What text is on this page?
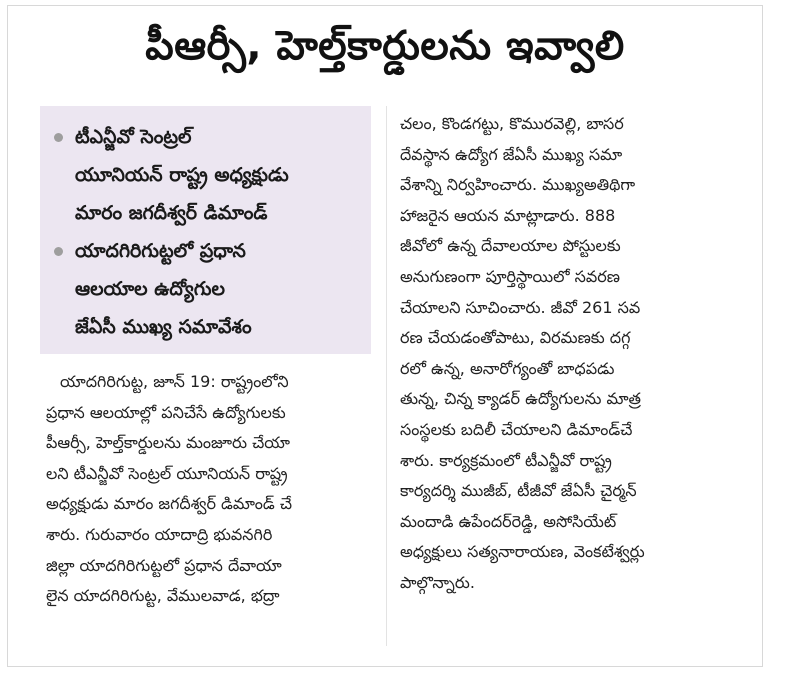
పీఆర్సీ, హెల్త్‌కార్డులను ఇవ్వాలి
టీఎన్జీవో సెంట్రల్
యూనియన్ రాష్ట్ర అధ్యక్షుడు
మారం జగదీశ్వర్ డిమాండ్
యాదగిరిగుట్టలో ప్రధాన
ఆలయాల ఉద్యోగుల
జేఏసీ ముఖ్య సమావేశం
యాదగిరిగుట్ట, జూన్ 19: రాష్ట్రంలోని
ప్రధాన ఆలయాల్లో పనిచేసే ఉద్యోగులకు
పీఆర్సీ, హెల్త్‌కార్డులను మంజూరు చేయా
లని టీఎన్జీవో సెంట్రల్ యూనియన్ రాష్ట్ర
అధ్యక్షుడు మారం జగదీశ్వర్ డిమాండ్ చే
శారు. గురువారం యాదాద్రి భువనగిరి
జిల్లా యాదగిరిగుట్టలో ప్రధాన దేవాయా
లైన యాదగిరిగుట్ట, వేములవాడ, భద్రా
చలం, కొండగట్టు, కొమురవెల్లి, బాసర
దేవస్థాన ఉద్యోగ జేఏసీ ముఖ్య సమా
వేశాన్ని నిర్వహించారు. ముఖ్యఅతిథిగా
హాజరైన ఆయన మాట్లాడారు. 888
జీవోలో ఉన్న దేవాలయాల పోస్టులకు
అనుగుణంగా పూర్తిస్థాయిలో సవరణ
చేయాలని సూచించారు. జీవో 261 సవ
రణ చేయడంతోపాటు, విరమణకు దగ్గ
రలో ఉన్న, అనారోగ్యంతో బాధపడు
తున్న, చిన్న క్యాడర్ ఉద్యోగులను మాత్ర
సంస్థలకు బదిలీ చేయాలని డిమాండ్‌చే
శారు. కార్యక్రమంలో టీఎన్జీవో రాష్ట్ర
కార్యదర్శి ముజీబ్, టీజీవో జేఏసీ చైర్మన్
మందాడి ఉపేందర్‌రెడ్డి, అసోసియేట్
అధ్యక్షులు సత్యనారాయణ, వెంకటేశ్వర్లు
పాల్గొన్నారు.
